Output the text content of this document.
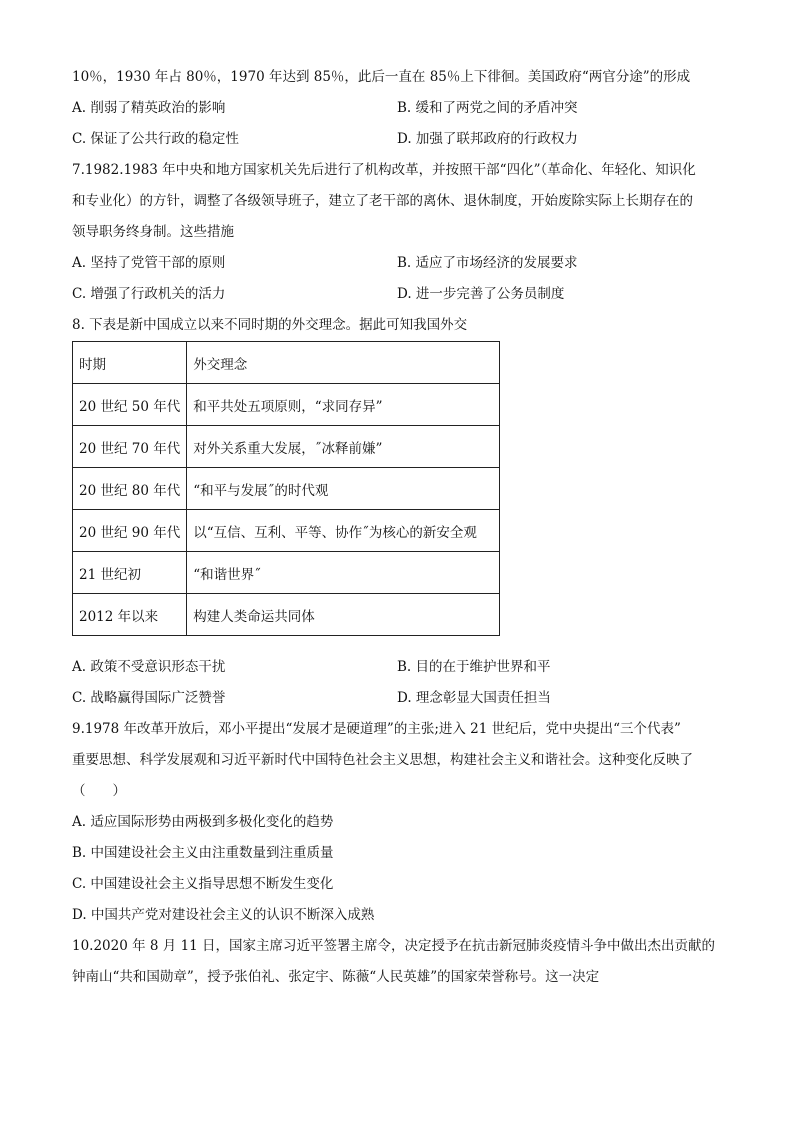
10％，1930 年占 80％，1970 年达到 85％，此后一直在 85％上下徘徊。美国政府“两官分途”的形成
A. 削弱了精英政治的影响	B. 缓和了两党之间的矛盾冲突
C. 保证了公共行政的稳定性	D. 加强了联邦政府的行政权力
7.1982.1983 年中央和地方国家机关先后进行了机构改革，并按照干部“四化”（革命化、年轻化、知识化
和专业化）的方针，调整了各级领导班子，建立了老干部的离休、退休制度，开始废除实际上长期存在的
领导职务终身制。这些措施
A. 坚持了党管干部的原则	B. 适应了市场经济的发展要求
C. 增强了行政机关的活力	D. 进一步完善了公务员制度
8. 下表是新中国成立以来不同时期的外交理念。据此可知我国外交
时期	外交理念
20 世纪 50 年代	和平共处五项原则，“求同存异”
20 世纪 70 年代	对外关系重大发展，˝冰释前嫌”
20 世纪 80 年代	“和平与发展˝的时代观
20 世纪 90 年代	以“互信、互利、平等、协作˝为核心的新安全观
21 世纪初	“和谐世界˝
2012 年以来	构建人类命运共同体
A. 政策不受意识形态干扰	B. 目的在于维护世界和平
C. 战略赢得国际广泛赞誉	D. 理念彰显大国责任担当
9.1978 年改革开放后，邓小平提出“发展才是硬道理”的主张;进入 21 世纪后，党中央提出“三个代表”
重要思想、科学发展观和习近平新时代中国特色社会主义思想，构建社会主义和谐社会。这种变化反映了
（　　）
A. 适应国际形势由两极到多极化变化的趋势
B. 中国建设社会主义由注重数量到注重质量
C. 中国建设社会主义指导思想不断发生变化
D. 中国共产党对建设社会主义的认识不断深入成熟
10.2020 年 8 月 11 日，国家主席习近平签署主席令，决定授予在抗击新冠肺炎疫情斗争中做出杰出贡献的
钟南山“共和国勋章”，授予张伯礼、张定宇、陈薇“人民英雄”的国家荣誉称号。这一决定
